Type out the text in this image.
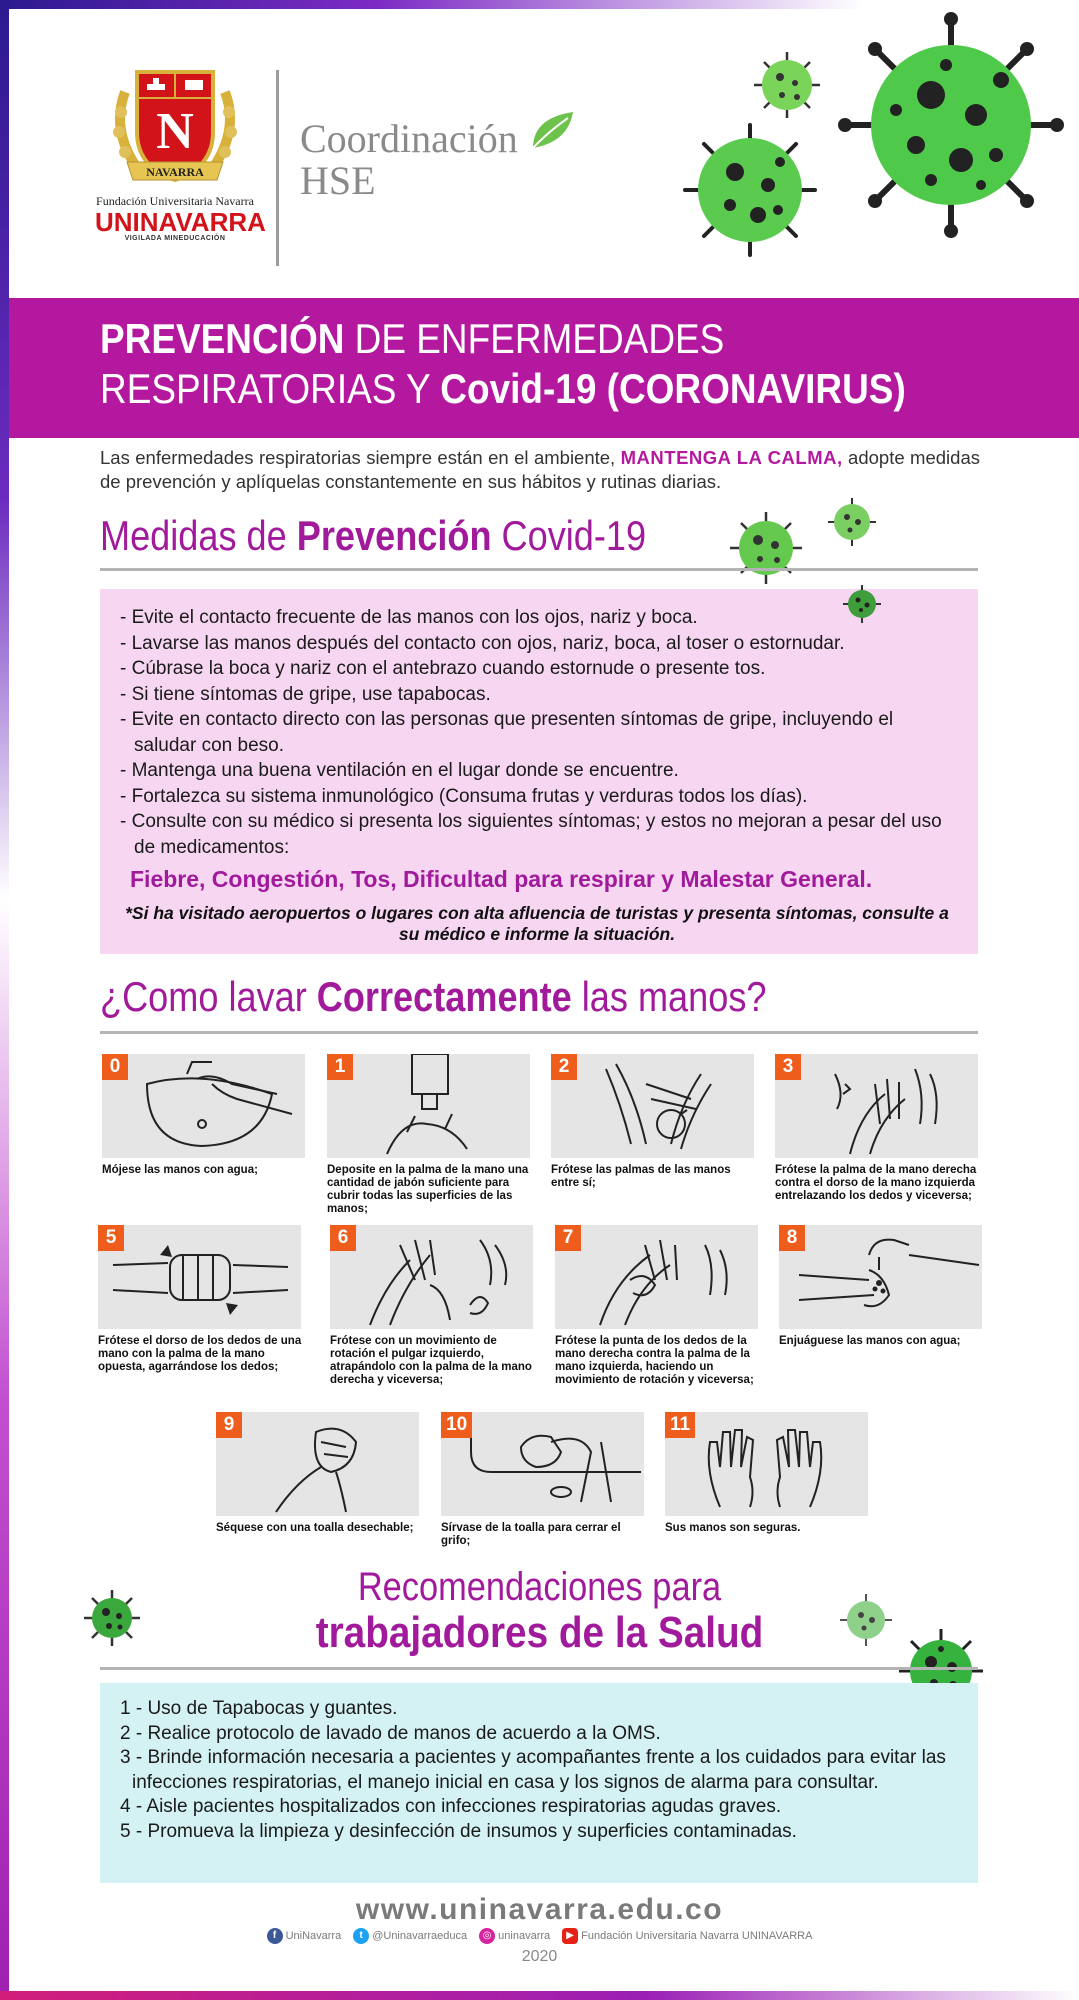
N
NAVARRA
Fundación Universitaria Navarra
UNINAVARRA
VIGILADA MINEDUCACIÓN
Coordinación
HSE
PREVENCIÓN DE ENFERMEDADES
RESPIRATORIAS Y Covid-19 (CORONAVIRUS)
Las enfermedades respiratorias siempre están en el ambiente, MANTENGA LA CALMA, adopte medidas de prevención y aplíquelas constantemente en sus hábitos y rutinas diarias.
Medidas de Prevención Covid-19
- Evite el contacto frecuente de las manos con los ojos, nariz y boca.
- Lavarse las manos después del contacto con ojos, nariz, boca, al toser o estornudar.
- Cúbrase la boca y nariz con el antebrazo cuando estornude o presente tos.
- Si tiene síntomas de gripe, use tapabocas.
- Evite en contacto directo con las personas que presenten síntomas de gripe, incluyendo el saludar con beso.
- Mantenga una buena ventilación en el lugar donde se encuentre.
- Fortalezca su sistema inmunológico (Consuma frutas y verduras todos los días).
- Consulte con su médico si presenta los siguientes síntomas; y estos no mejoran a pesar del uso de medicamentos:
Fiebre, Congestión, Tos, Dificultad para respirar y Malestar General.
*Si ha visitado aeropuertos o lugares con alta afluencia de turistas y presenta síntomas, consulte a su médico e informe la situación.
¿Como lavar Correctamente las manos?
0
Mójese las manos con agua;
1
Deposite en la palma de la mano una cantidad de jabón suficiente para cubrir todas las superficies de las manos;
2
Frótese las palmas de las manos entre sí;
3
Frótese la palma de la mano derecha contra el dorso de la mano izquierda entrelazando los dedos y viceversa;
5
Frótese el dorso de los dedos de una mano con la palma de la mano opuesta, agarrándose los dedos;
6
Frótese con un movimiento de rotación el pulgar izquierdo, atrapándolo con la palma de la mano derecha y viceversa;
7
Frótese la punta de los dedos de la mano derecha contra la palma de la mano izquierda, haciendo un movimiento de rotación y viceversa;
8
Enjuáguese las manos con agua;
9
Séquese con una toalla desechable;
10
Sírvase de la toalla para cerrar el grifo;
11
Sus manos son seguras.
Recomendaciones para
trabajadores de la Salud
1 - Uso de Tapabocas y guantes.
2 - Realice protocolo de lavado de manos de acuerdo a la OMS.
3 - Brinde información necesaria a pacientes y acompañantes frente a los cuidados para evitar las infecciones respiratorias, el manejo inicial en casa y los signos de alarma para consultar.
4 - Aisle pacientes hospitalizados con infecciones respiratorias agudas graves.
5 - Promueva la limpieza y desinfección de insumos y superficies contaminadas.
www.uninavarra.edu.co
f UniNavarra	t @Uninavarraeduca	◎ uninavarra	▶ Fundación Universitaria Navarra UNINAVARRA
2020
